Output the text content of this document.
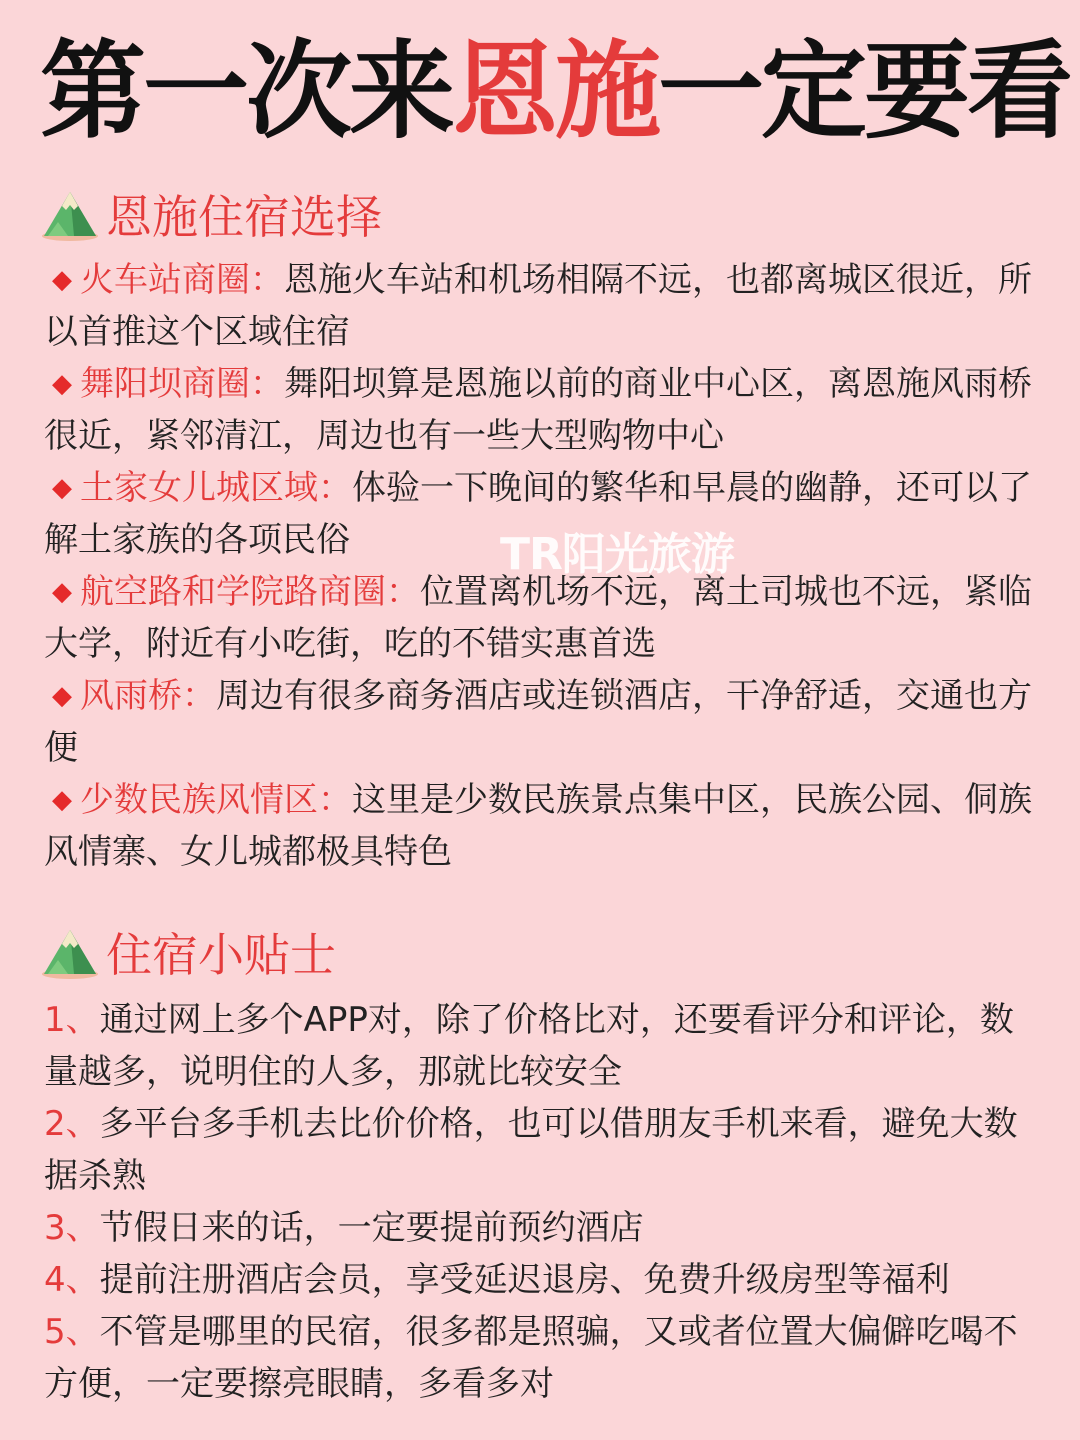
第一次来恩施一定要看
恩施住宿选择
◆ 火车站商圈：恩施火车站和机场相隔不远，也都离城区很近，所以首推这个区域住宿
◆ 舞阳坝商圈：舞阳坝算是恩施以前的商业中心区，离恩施风雨桥很近，紧邻清江，周边也有一些大型购物中心
◆ 土家女儿城区域：体验一下晚间的繁华和早晨的幽静，还可以了解土家族的各项民俗
◆ 航空路和学院路商圈：位置离机场不远，离土司城也不远，紧临大学，附近有小吃街，吃的不错实惠首选
◆ 风雨桥：周边有很多商务酒店或连锁酒店，干净舒适，交通也方便
◆ 少数民族风情区：这里是少数民族景点集中区，民族公园、侗族风情寨、女儿城都极具特色
住宿小贴士
1、通过网上多个APP对，除了价格比对，还要看评分和评论，数量越多，说明住的人多，那就比较安全
2、多平台多手机去比价价格，也可以借朋友手机来看，避免大数据杀熟
3、节假日来的话，一定要提前预约酒店
4、提前注册酒店会员，享受延迟退房、免费升级房型等福利
5、不管是哪里的民宿，很多都是照骗，又或者位置大偏僻吃喝不方便，一定要擦亮眼睛，多看多对
TR阳光旅游
